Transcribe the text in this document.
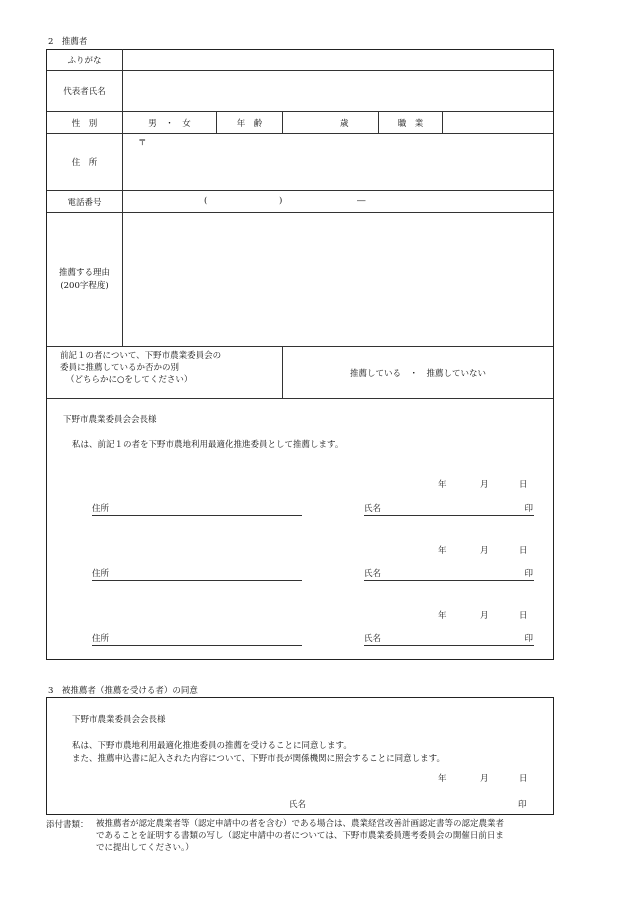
2　推薦者
ふりがな
代表者氏名
性　別	男　・　女	年　齢	歳	職　業
住　所
〒
電話番号	(	)	―
推薦する理由
(200字程度)
前記１の者について、下野市農業委員会の
委員に推薦しているか否かの別
（どちらかに○をしてください）
推薦している　・　推薦していない
下野市農業委員会会長様
私は、前記１の者を下野市農地利用最適化推進委員として推薦します。
年	月	日
住所	氏名	印
年	月	日
住所	氏名	印
年	月	日
住所	氏名	印
3　被推薦者（推薦を受ける者）の同意
下野市農業委員会会長様
私は、下野市農地利用最適化推進委員の推薦を受けることに同意します。
また、推薦申込書に記入された内容について、下野市長が関係機関に照会することに同意します。
年	月	日
氏名	印
添付書類： 被推薦者が認定農業者等（認定申請中の者を含む）である場合は、農業経営改善計画認定書等の認定農業者
であることを証明する書類の写し（認定申請中の者については、下野市農業委員選考委員会の開催日前日ま
でに提出してください。）
